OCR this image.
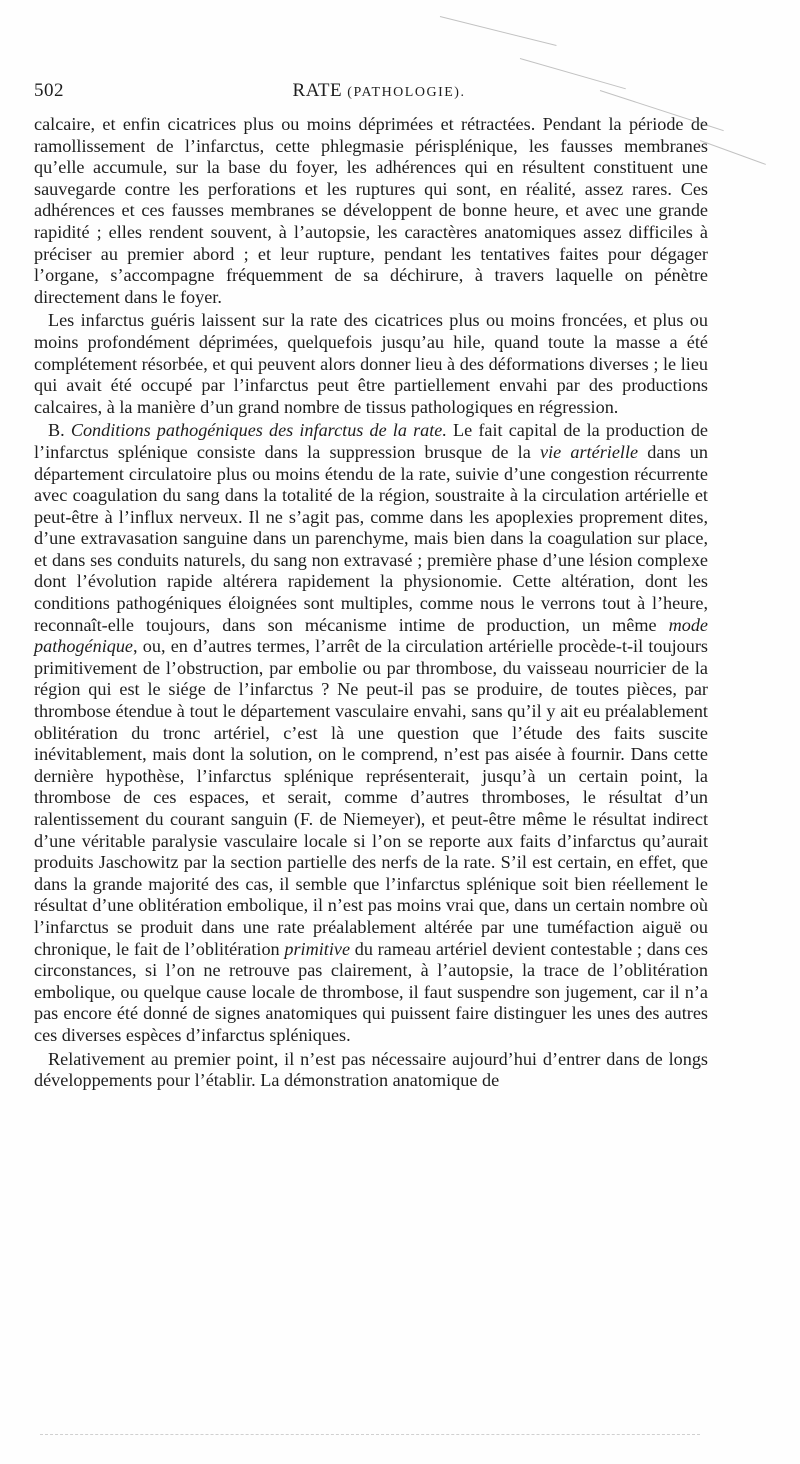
502	RATE (PATHOLOGIE).

calcaire, et enfin cicatrices plus ou moins déprimées et rétractées. Pendant la période de ramollissement de l’infarctus, cette phlegmasie périsplénique, les fausses membranes qu’elle accumule, sur la base du foyer, les adhérences qui en résultent constituent une sauvegarde contre les perforations et les ruptures qui sont, en réalité, assez rares. Ces adhérences et ces fausses membranes se développent de bonne heure, et avec une grande rapidité ; elles rendent souvent, à l’autopsie, les caractères anatomiques assez difficiles à préciser au premier abord ; et leur rupture, pendant les tentatives faites pour dégager l’organe, s’accompagne fréquemment de sa déchirure, à travers laquelle on pénètre directement dans le foyer.

Les infarctus guéris laissent sur la rate des cicatrices plus ou moins froncées, et plus ou moins profondément déprimées, quelquefois jusqu’au hile, quand toute la masse a été complétement résorbée, et qui peuvent alors donner lieu à des déformations diverses ; le lieu qui avait été occupé par l’infarctus peut être partiellement envahi par des productions calcaires, à la manière d’un grand nombre de tissus pathologiques en régression.

B. Conditions pathogéniques des infarctus de la rate. Le fait capital de la production de l’infarctus splénique consiste dans la suppression brusque de la vie artérielle dans un département circulatoire plus ou moins étendu de la rate, suivie d’une congestion récurrente avec coagulation du sang dans la totalité de la région, soustraite à la circulation artérielle et peut-être à l’influx nerveux. Il ne s’agit pas, comme dans les apoplexies proprement dites, d’une extravasation sanguine dans un parenchyme, mais bien dans la coagulation sur place, et dans ses conduits naturels, du sang non extravasé ; première phase d’une lésion complexe dont l’évolution rapide altérera rapidement la physionomie. Cette altération, dont les conditions pathogéniques éloignées sont multiples, comme nous le verrons tout à l’heure, reconnaît-elle toujours, dans son mécanisme intime de production, un même mode pathogénique, ou, en d’autres termes, l’arrêt de la circulation artérielle procède-t-il toujours primitivement de l’obstruction, par embolie ou par thrombose, du vaisseau nourricier de la région qui est le siége de l’infarctus ? Ne peut-il pas se produire, de toutes pièces, par thrombose étendue à tout le département vasculaire envahi, sans qu’il y ait eu préalablement oblitération du tronc artériel, c’est là une question que l’étude des faits suscite inévitablement, mais dont la solution, on le comprend, n’est pas aisée à fournir. Dans cette dernière hypothèse, l’infarctus splénique représenterait, jusqu’à un certain point, la thrombose de ces espaces, et serait, comme d’autres thromboses, le résultat d’un ralentissement du courant sanguin (F. de Niemeyer), et peut-être même le résultat indirect d’une véritable paralysie vasculaire locale si l’on se reporte aux faits d’infarctus qu’aurait produits Jaschowitz par la section partielle des nerfs de la rate. S’il est certain, en effet, que dans la grande majorité des cas, il semble que l’infarctus splénique soit bien réellement le résultat d’une oblitération embolique, il n’est pas moins vrai que, dans un certain nombre où l’infarctus se produit dans une rate préalablement altérée par une tuméfaction aiguë ou chronique, le fait de l’oblitération primitive du rameau artériel devient contestable ; dans ces circonstances, si l’on ne retrouve pas clairement, à l’autopsie, la trace de l’oblitération embolique, ou quelque cause locale de thrombose, il faut suspendre son jugement, car il n’a pas encore été donné de signes anatomiques qui puissent faire distinguer les unes des autres ces diverses espèces d’infarctus spléniques.

Relativement au premier point, il n’est pas nécessaire aujourd’hui d’entrer dans de longs développements pour l’établir. La démonstration anatomique de
